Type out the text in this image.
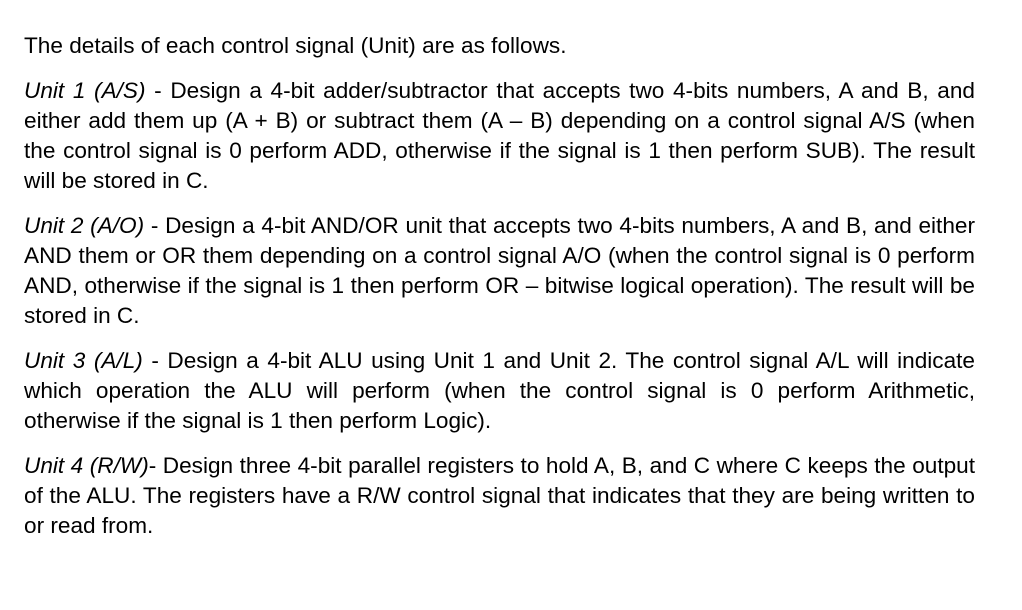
The details of each control signal (Unit) are as follows.

Unit 1 (A/S) - Design a 4-bit adder/subtractor that accepts two 4-bits numbers, A and B, and either add them up (A + B) or subtract them (A – B) depending on a control signal A/S (when the control signal is 0 perform ADD, otherwise if the signal is 1 then perform SUB). The result will be stored in C.

Unit 2 (A/O) - Design a 4-bit AND/OR unit that accepts two 4-bits numbers, A and B, and either AND them or OR them depending on a control signal A/O (when the control signal is 0 perform AND, otherwise if the signal is 1 then perform OR – bitwise logical operation). The result will be stored in C.

Unit 3 (A/L) - Design a 4-bit ALU using Unit 1 and Unit 2. The control signal A/L will indicate which operation the ALU will perform (when the control signal is 0 perform Arithmetic, otherwise if the signal is 1 then perform Logic).

Unit 4 (R/W)- Design three 4-bit parallel registers to hold A, B, and C where C keeps the output of the ALU. The registers have a R/W control signal that indicates that they are being written to or read from.
